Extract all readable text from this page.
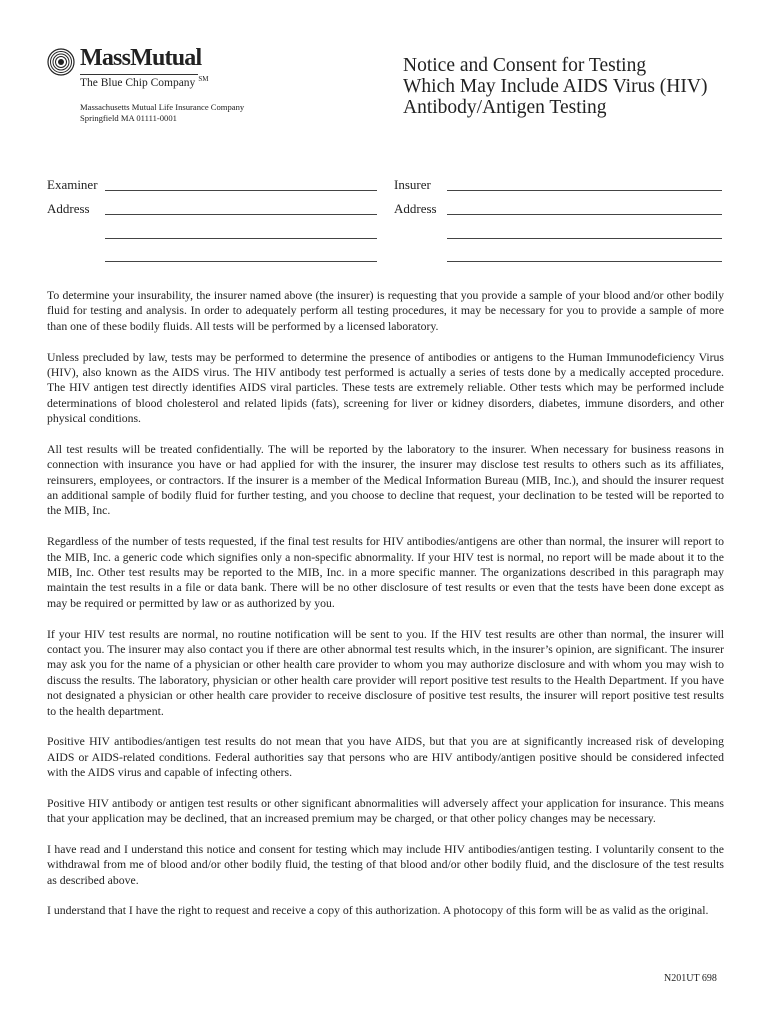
MassMutual
The Blue Chip Company ℠
Massachusetts Mutual Life Insurance Company
Springfield MA 01111-0001
Notice and Consent for Testing
Which May Include AIDS Virus (HIV)
Antibody/Antigen Testing
Examiner
Address
Insurer
Address

To determine your insurability, the insurer named above (the insurer) is requesting that you provide a sample of your blood and/or other bodily fluid for testing and analysis. In order to adequately perform all testing procedures, it may be necessary for you to provide a sample of more than one of these bodily fluids. All tests will be performed by a licensed laboratory.

Unless precluded by law, tests may be performed to determine the presence of antibodies or antigens to the Human Immunodeficiency Virus (HIV), also known as the AIDS virus. The HIV antibody test performed is actually a series of tests done by a medically accepted procedure. The HIV antigen test directly identifies AIDS viral particles. These tests are extremely reliable. Other tests which may be performed include determinations of blood cholesterol and related lipids (fats), screening for liver or kidney disorders, diabetes, immune disorders, and other physical conditions.

All test results will be treated confidentially. The will be reported by the laboratory to the insurer. When necessary for business reasons in connection with insurance you have or had applied for with the insurer, the insurer may disclose test results to others such as its affiliates, reinsurers, employees, or contractors. If the insurer is a member of the Medical Information Bureau (MIB, Inc.), and should the insurer request an additional sample of bodily fluid for further testing, and you choose to decline that request, your declination to be tested will be reported to the MIB, Inc.

Regardless of the number of tests requested, if the final test results for HIV antibodies/antigens are other than normal, the insurer will report to the MIB, Inc. a generic code which signifies only a non-specific abnormality. If your HIV test is normal, no report will be made about it to the MIB, Inc. Other test results may be reported to the MIB, Inc. in a more specific manner. The organizations described in this paragraph may maintain the test results in a file or data bank. There will be no other disclosure of test results or even that the tests have been done except as may be required or permitted by law or as authorized by you.

If your HIV test results are normal, no routine notification will be sent to you. If the HIV test results are other than normal, the insurer will contact you. The insurer may also contact you if there are other abnormal test results which, in the insurer’s opinion, are significant. The insurer may ask you for the name of a physician or other health care provider to whom you may authorize disclosure and with whom you may wish to discuss the results. The laboratory, physician or other health care provider will report positive test results to the Health Department. If you have not designated a physician or other health care provider to receive disclosure of positive test results, the insurer will report positive test results to the health department.

Positive HIV antibodies/antigen test results do not mean that you have AIDS, but that you are at significantly increased risk of developing AIDS or AIDS-related conditions. Federal authorities say that persons who are HIV antibody/antigen positive should be considered infected with the AIDS virus and capable of infecting others.

Positive HIV antibody or antigen test results or other significant abnormalities will adversely affect your application for insurance. This means that your application may be declined, that an increased premium may be charged, or that other policy changes may be necessary.

I have read and I understand this notice and consent for testing which may include HIV antibodies/antigen testing. I voluntarily consent to the withdrawal from me of blood and/or other bodily fluid, the testing of that blood and/or other bodily fluid, and the disclosure of the test results as described above.

I understand that I have the right to request and receive a copy of this authorization. A photocopy of this form will be as valid as the original.

N201UT 698
